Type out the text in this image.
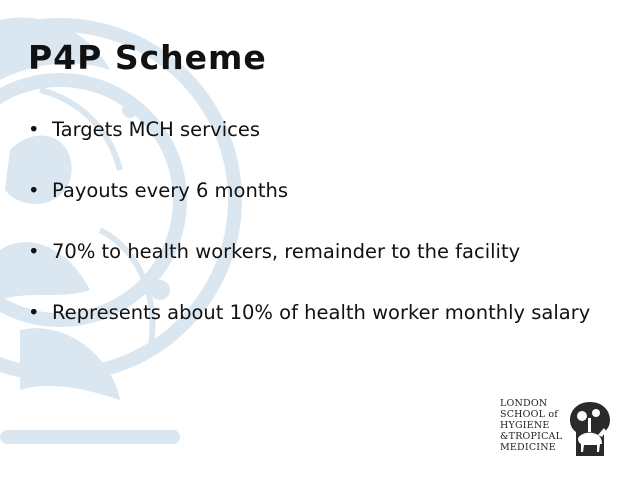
P4P Scheme
• Targets MCH services
• Payouts every 6 months
• 70% to health workers, remainder to the facility
• Represents about 10% of health worker monthly salary
LONDON
SCHOOL of
HYGIENE
&TROPICAL
MEDICINE
